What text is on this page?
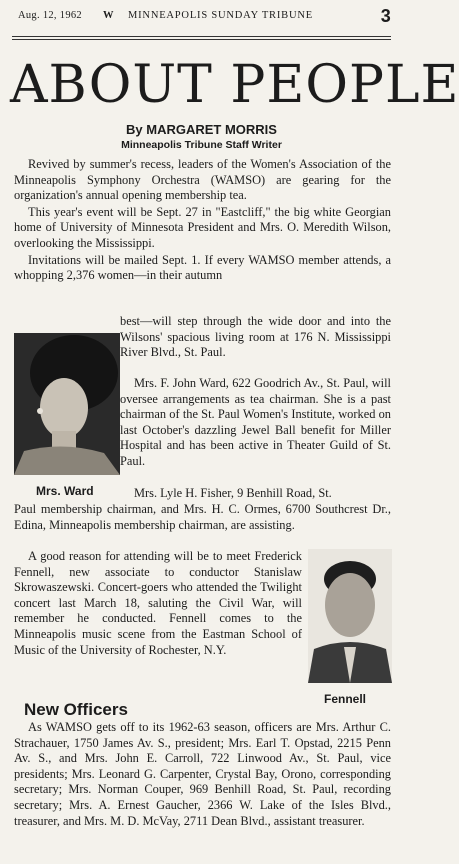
Aug. 12, 1962 W MINNEAPOLIS SUNDAY TRIBUNE	3
ABOUT PEOPLE
By MARGARET MORRIS
Minneapolis Tribune Staff Writer

Revived by summer's recess, leaders of the Women's Association of the Minneapolis Symphony Orchestra (WAMSO) are gearing for the organization's annual opening membership tea.

This year's event will be Sept. 27 in "Eastcliff," the big white Georgian home of University of Minnesota President and Mrs. O. Meredith Wilson, overlooking the Mississippi.

Invitations will be mailed Sept. 1. If every WAMSO member attends, a whopping 2,376 women—in their autumn

Mrs. Ward
best—will step through the wide door and into the Wilsons' spacious living room at 176 N. Mississippi River Blvd., St. Paul.
Mrs. F. John Ward, 622 Goodrich Av., St. Paul, will oversee arrangements as tea chairman. She is a past chairman of the St. Paul Women's Institute, worked on last October's dazzling Jewel Ball benefit for Miller Hospital and has been active in Theater Guild of St. Paul.
Mrs. Lyle H. Fisher, 9 Benhill Road, St.
Paul membership chairman, and Mrs. H. C. Ormes, 6700 Southcrest Dr., Edina, Minneapolis membership chairman, are assisting.
A good reason for attending will be to meet Frederick Fennell, new associate to conductor Stanislaw Skrowaszewski. Concert-goers who attended the Twilight concert last March 18, saluting the Civil War, will remember he conducted. Fennell comes to the Minneapolis music scene from the Eastman School of Music of the University of Rochester, N.Y.
Fennell
New Officers
As WAMSO gets off to its 1962-63 season, officers are Mrs. Arthur C. Strachauer, 1750 James Av. S., president; Mrs. Earl T. Opstad, 2215 Penn Av. S., and Mrs. John E. Carroll, 722 Linwood Av., St. Paul, vice presidents; Mrs. Leonard G. Carpenter, Crystal Bay, Orono, corresponding secretary; Mrs. Norman Couper, 969 Benhill Road, St. Paul, recording secretary; Mrs. A. Ernest Gaucher, 2366 W. Lake of the Isles Blvd., treasurer, and Mrs. M. D. McVay, 2711 Dean Blvd., assistant treasurer.
